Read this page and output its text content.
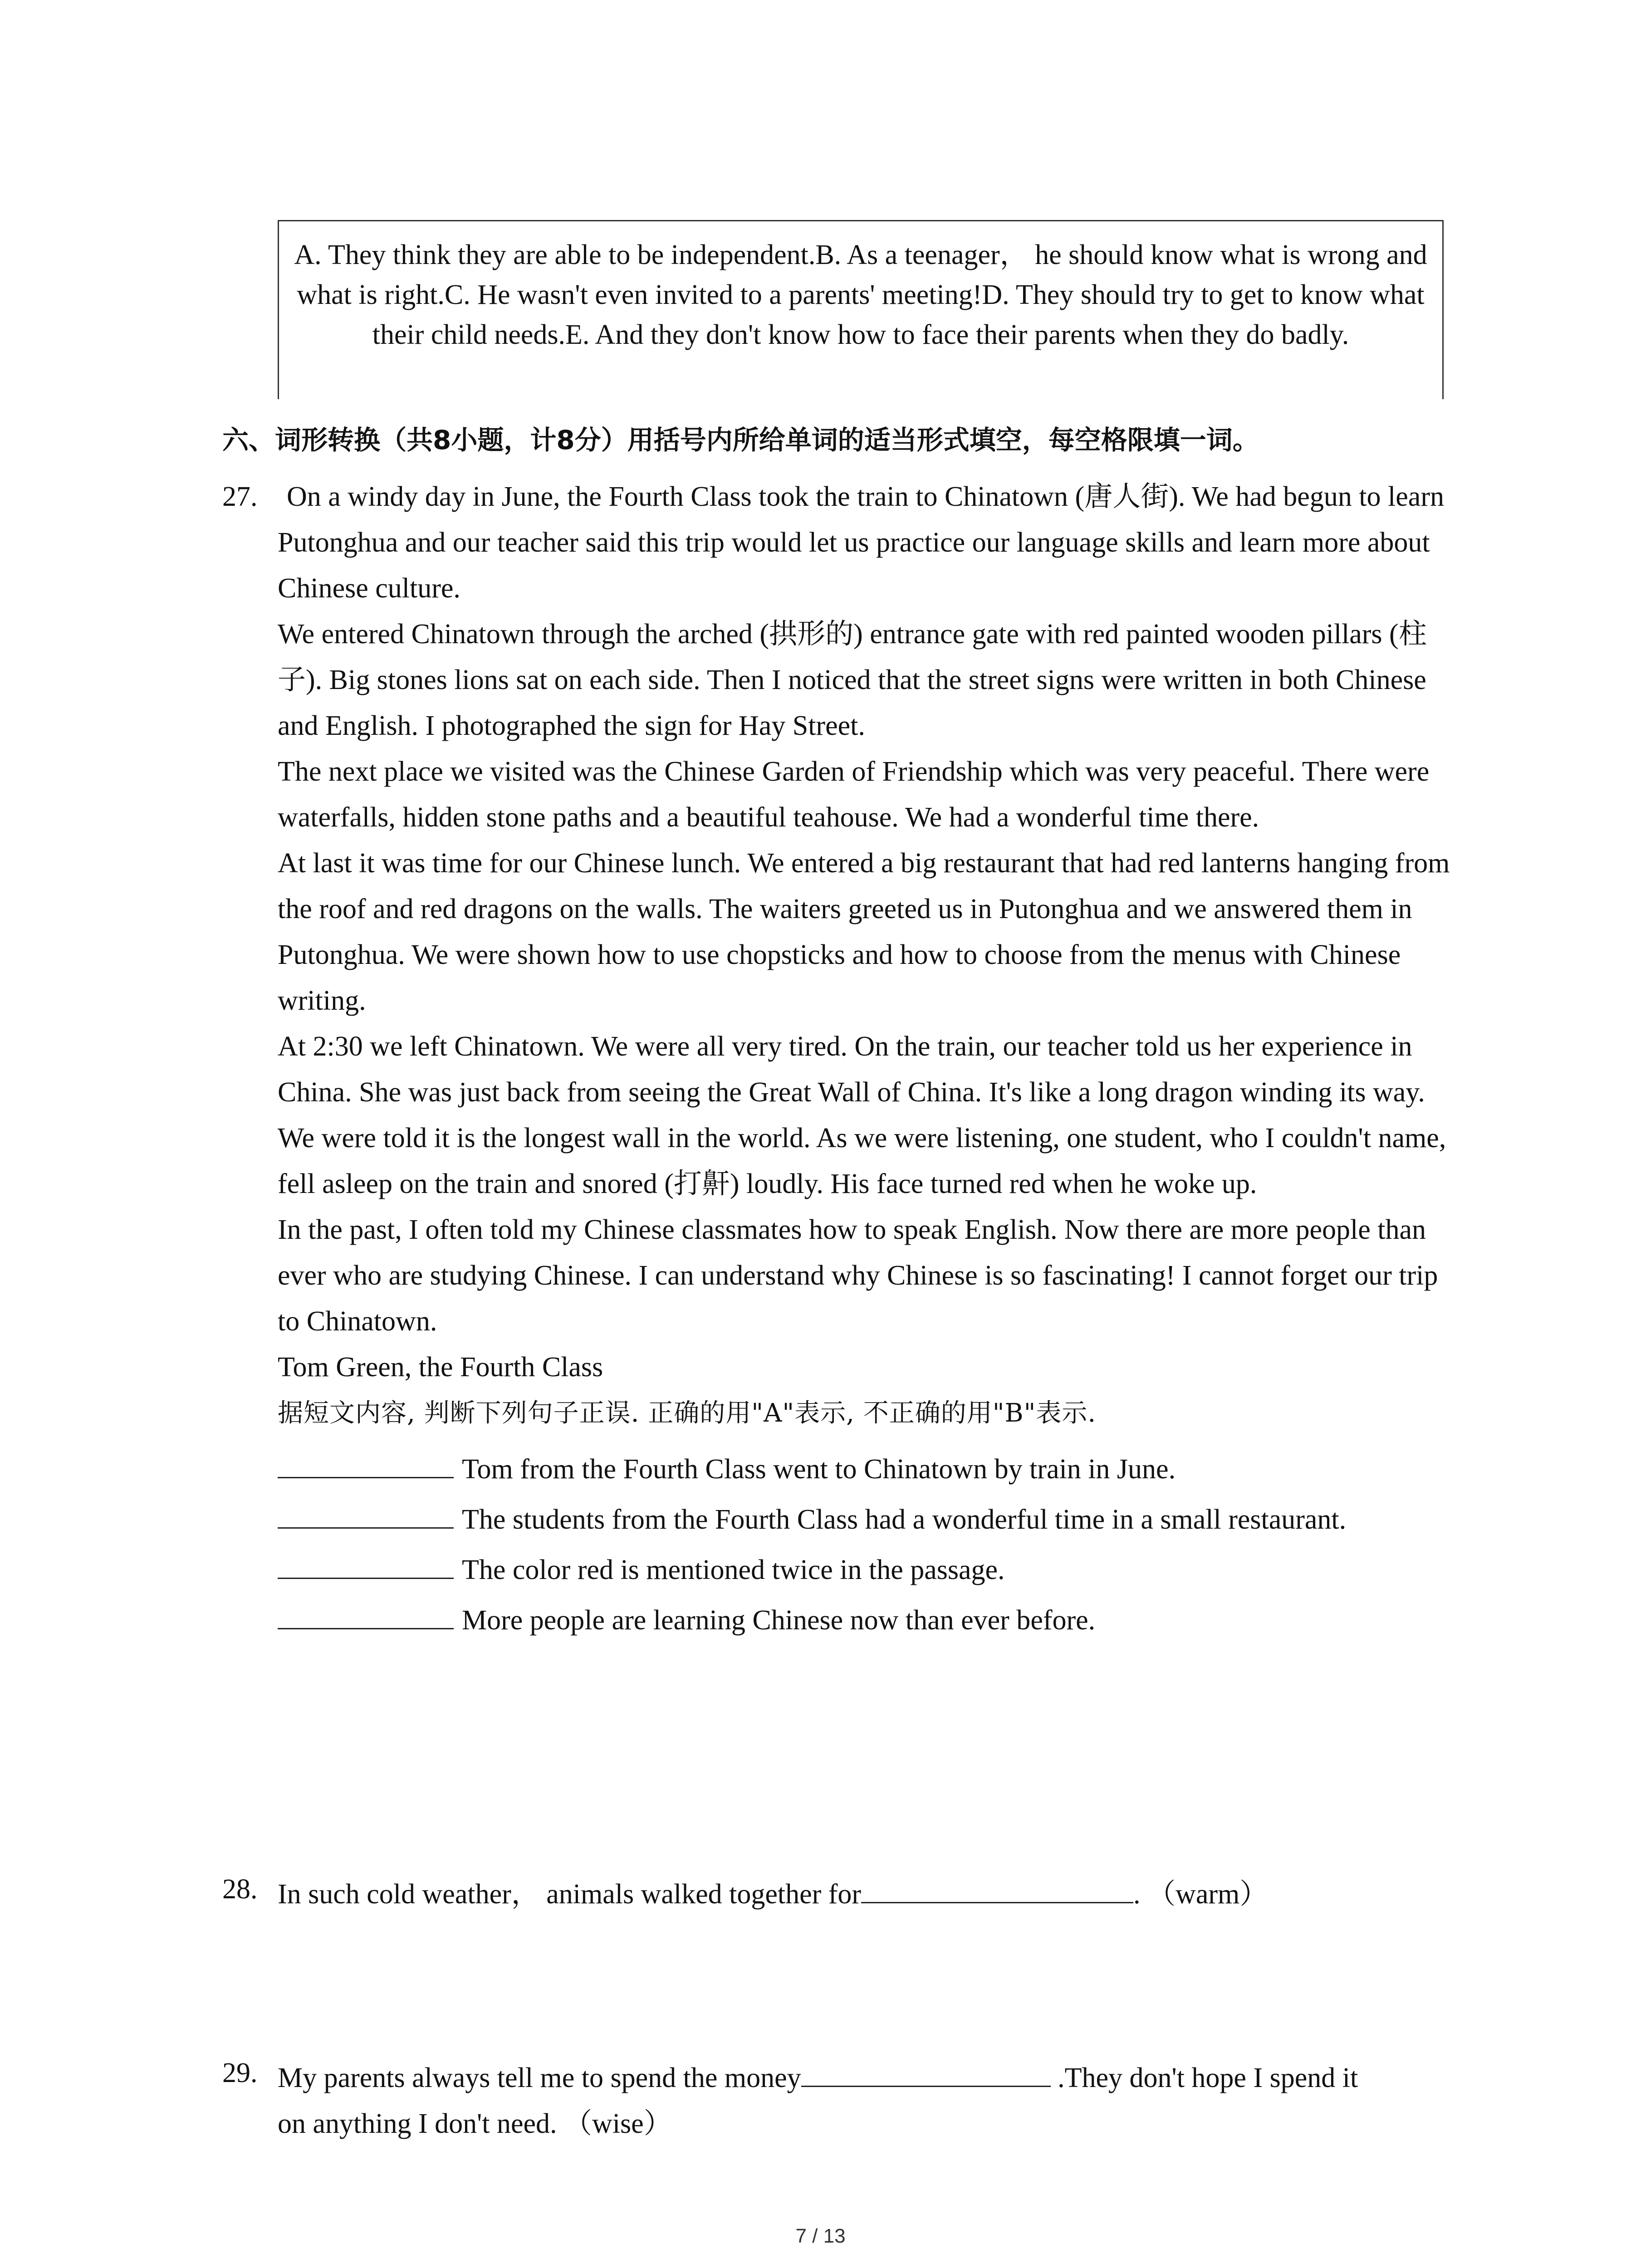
A. They think they are able to be independent.B. As a teenager， he should know what is wrong and what is right.C. He wasn't even invited to a parents' meeting!D. They should try to get to know what their child needs.E. And they don't know how to face their parents when they do badly.
六、词形转换（共8小题，计8分）用括号内所给单词的适当形式填空，每空格限填一词。
27.	On a windy day in June, the Fourth Class took the train to Chinatown (唐人街). We had begun to learn Putonghua and our teacher said this trip would let us practice our language skills and learn more about Chinese culture.

We entered Chinatown through the arched (拱形的) entrance gate with red painted wooden pillars (柱子). Big stones lions sat on each side. Then I noticed that the street signs were written in both Chinese and English. I photographed the sign for Hay Street.

The next place we visited was the Chinese Garden of Friendship which was very peaceful. There were waterfalls, hidden stone paths and a beautiful teahouse. We had a wonderful time there.

At last it was time for our Chinese lunch. We entered a big restaurant that had red lanterns hanging from the roof and red dragons on the walls. The waiters greeted us in Putonghua and we answered them in Putonghua. We were shown how to use chopsticks and how to choose from the menus with Chinese writing.

At 2:30 we left Chinatown. We were all very tired. On the train, our teacher told us her experience in China. She was just back from seeing the Great Wall of China. It's like a long dragon winding its way. We were told it is the longest wall in the world. As we were listening, one student, who I couldn't name, fell asleep on the train and snored (打鼾) loudly. His face turned red when he woke up.

In the past, I often told my Chinese classmates how to speak English. Now there are more people than ever who are studying Chinese. I can understand why Chinese is so fascinating! I cannot forget our trip to Chinatown.

Tom Green, the Fourth Class

据短文内容, 判断下列句子正误. 正确的用"A"表示, 不正确的用"B"表示.

Tom from the Fourth Class went to Chinatown by train in June.
The students from the Fourth Class had a wonderful time in a small restaurant.
The color red is mentioned twice in the passage.
More people are learning Chinese now than ever before.
28. In such cold weather， animals walked together for	. （warm）
29. My parents always tell me to spend the money	.They don't hope I spend it
on anything I don't need. （wise）
7 / 13
